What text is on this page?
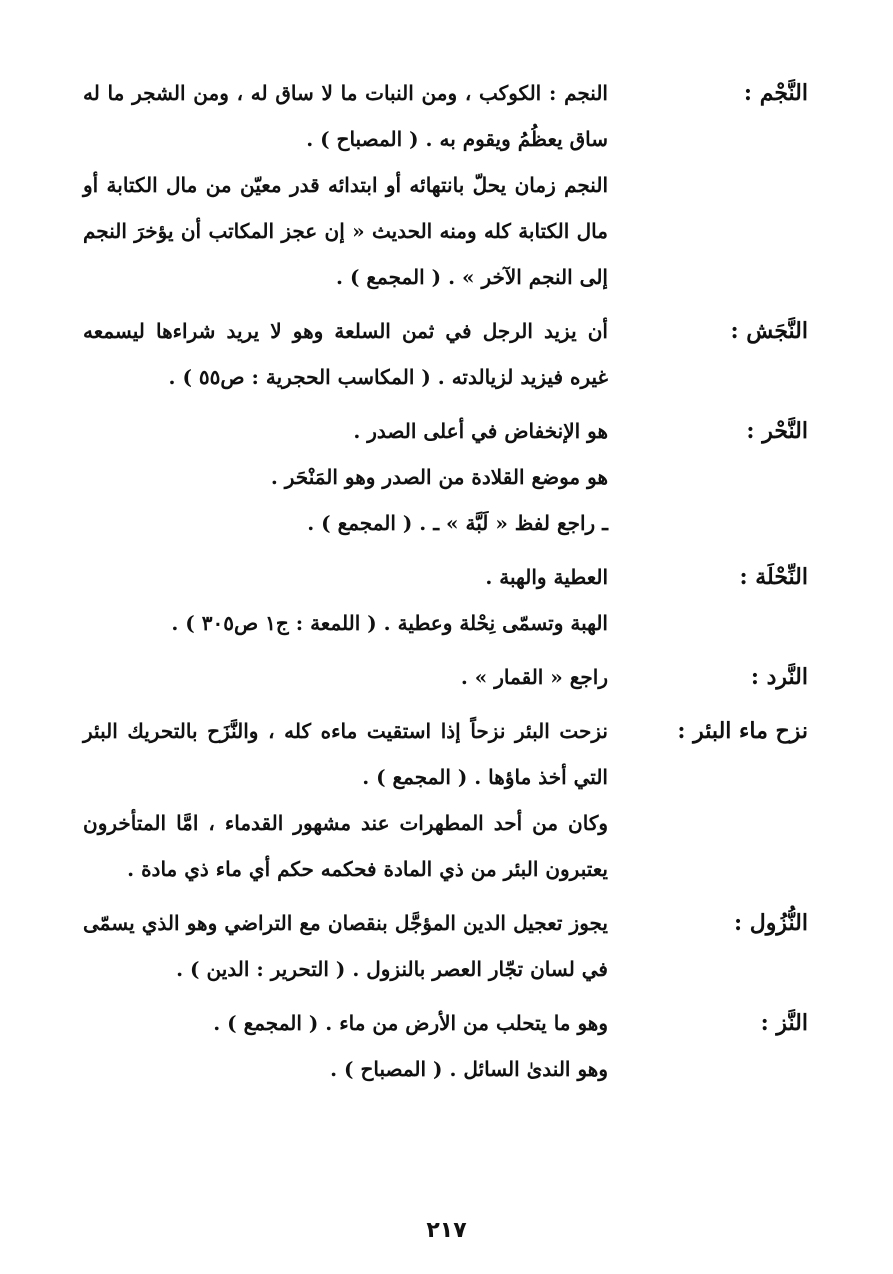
النَّجْم :

النجم : الكوكب ، ومن النبات ما لا ساق له ، ومن الشجر ما له ساق يعظُمُ ويقوم به . ( المصباح ) .

النجم زمان يحلّ بانتهائه أو ابتدائه قدر معيّن من مال الكتابة أو مال الكتابة كله ومنه الحديث « إن عجز المكاتب أن يؤخرَ النجم إلى النجم الآخر » . ( المجمع ) .

النَّجَش :

أن يزيد الرجل في ثمن السلعة وهو لا يريد شراءها ليسمعه غيره فيزيد لزيالدته . ( المكاسب الحجرية : ص٥٥ ) .

النَّحْر :

هو الإنخفاض في أعلى الصدر .

هو موضع القلادة من الصدر وهو المَنْحَر .

ـ راجع لفظ « لَبَّة » ـ . ( المجمع ) .

النِّحْلَة :

العطية والهبة .

الهبة وتسمّى نِحْلة وعطية . ( اللمعة : ج١ ص٣٠٥ ) .

النَّرد :

راجع « القمار » .

نزح ماء البئر :

نزحت البئر نزحاً إذا استقيت ماءه كله ، والنَّزَح بالتحريك البئر التي أخذ ماؤها . ( المجمع ) .

وكان من أحد المطهرات عند مشهور القدماء ، امَّا المتأخرون يعتبرون البئر من ذي المادة فحكمه حكم أي ماء ذي مادة .

النُّزُول :

يجوز تعجيل الدين المؤجَّل بنقصان مع التراضي وهو الذي يسمّى في لسان تجّار العصر بالنزول . ( التحرير : الدين ) .

النَّز :

وهو ما يتحلب من الأرض من ماء . ( المجمع ) .

وهو الندىٰ السائل . ( المصباح ) .

٢١٧
